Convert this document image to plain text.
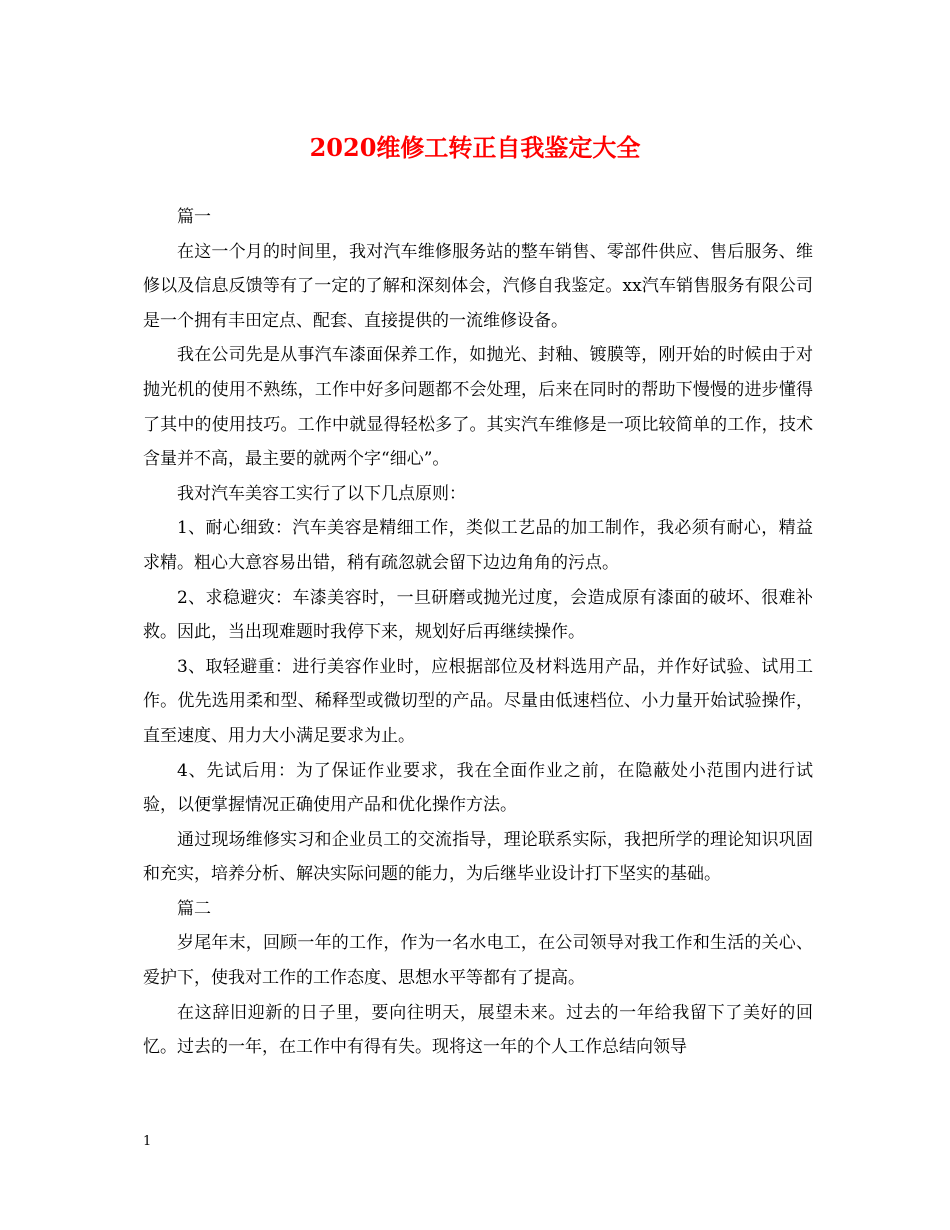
2020维修工转正自我鉴定大全

篇一

在这一个月的时间里，我对汽车维修服务站的整车销售、零部件供应、售后服务、维修以及信息反馈等有了一定的了解和深刻体会，汽修自我鉴定。xx汽车销售服务有限公司是一个拥有丰田定点、配套、直接提供的一流维修设备。

我在公司先是从事汽车漆面保养工作，如抛光、封釉、镀膜等，刚开始的时候由于对抛光机的使用不熟练，工作中好多问题都不会处理，后来在同时的帮助下慢慢的进步懂得了其中的使用技巧。工作中就显得轻松多了。其实汽车维修是一项比较简单的工作，技术含量并不高，最主要的就两个字“细心”。

我对汽车美容工实行了以下几点原则：

1、耐心细致：汽车美容是精细工作，类似工艺品的加工制作，我必须有耐心，精益求精。粗心大意容易出错，稍有疏忽就会留下边边角角的污点。

2、求稳避灾：车漆美容时，一旦研磨或抛光过度，会造成原有漆面的破坏、很难补救。因此，当出现难题时我停下来，规划好后再继续操作。

3、取轻避重：进行美容作业时，应根据部位及材料选用产品，并作好试验、试用工作。优先选用柔和型、稀释型或微切型的产品。尽量由低速档位、小力量开始试验操作，直至速度、用力大小满足要求为止。

4、先试后用：为了保证作业要求，我在全面作业之前，在隐蔽处小范围内进行试验，以便掌握情况正确使用产品和优化操作方法。

通过现场维修实习和企业员工的交流指导，理论联系实际，我把所学的理论知识巩固和充实，培养分析、解决实际问题的能力，为后继毕业设计打下坚实的基础。

篇二

岁尾年末，回顾一年的工作，作为一名水电工，在公司领导对我工作和生活的关心、爱护下，使我对工作的工作态度、思想水平等都有了提高。

在这辞旧迎新的日子里，要向往明天，展望未来。过去的一年给我留下了美好的回忆。过去的一年，在工作中有得有失。现将这一年的个人工作总结向领导

1
